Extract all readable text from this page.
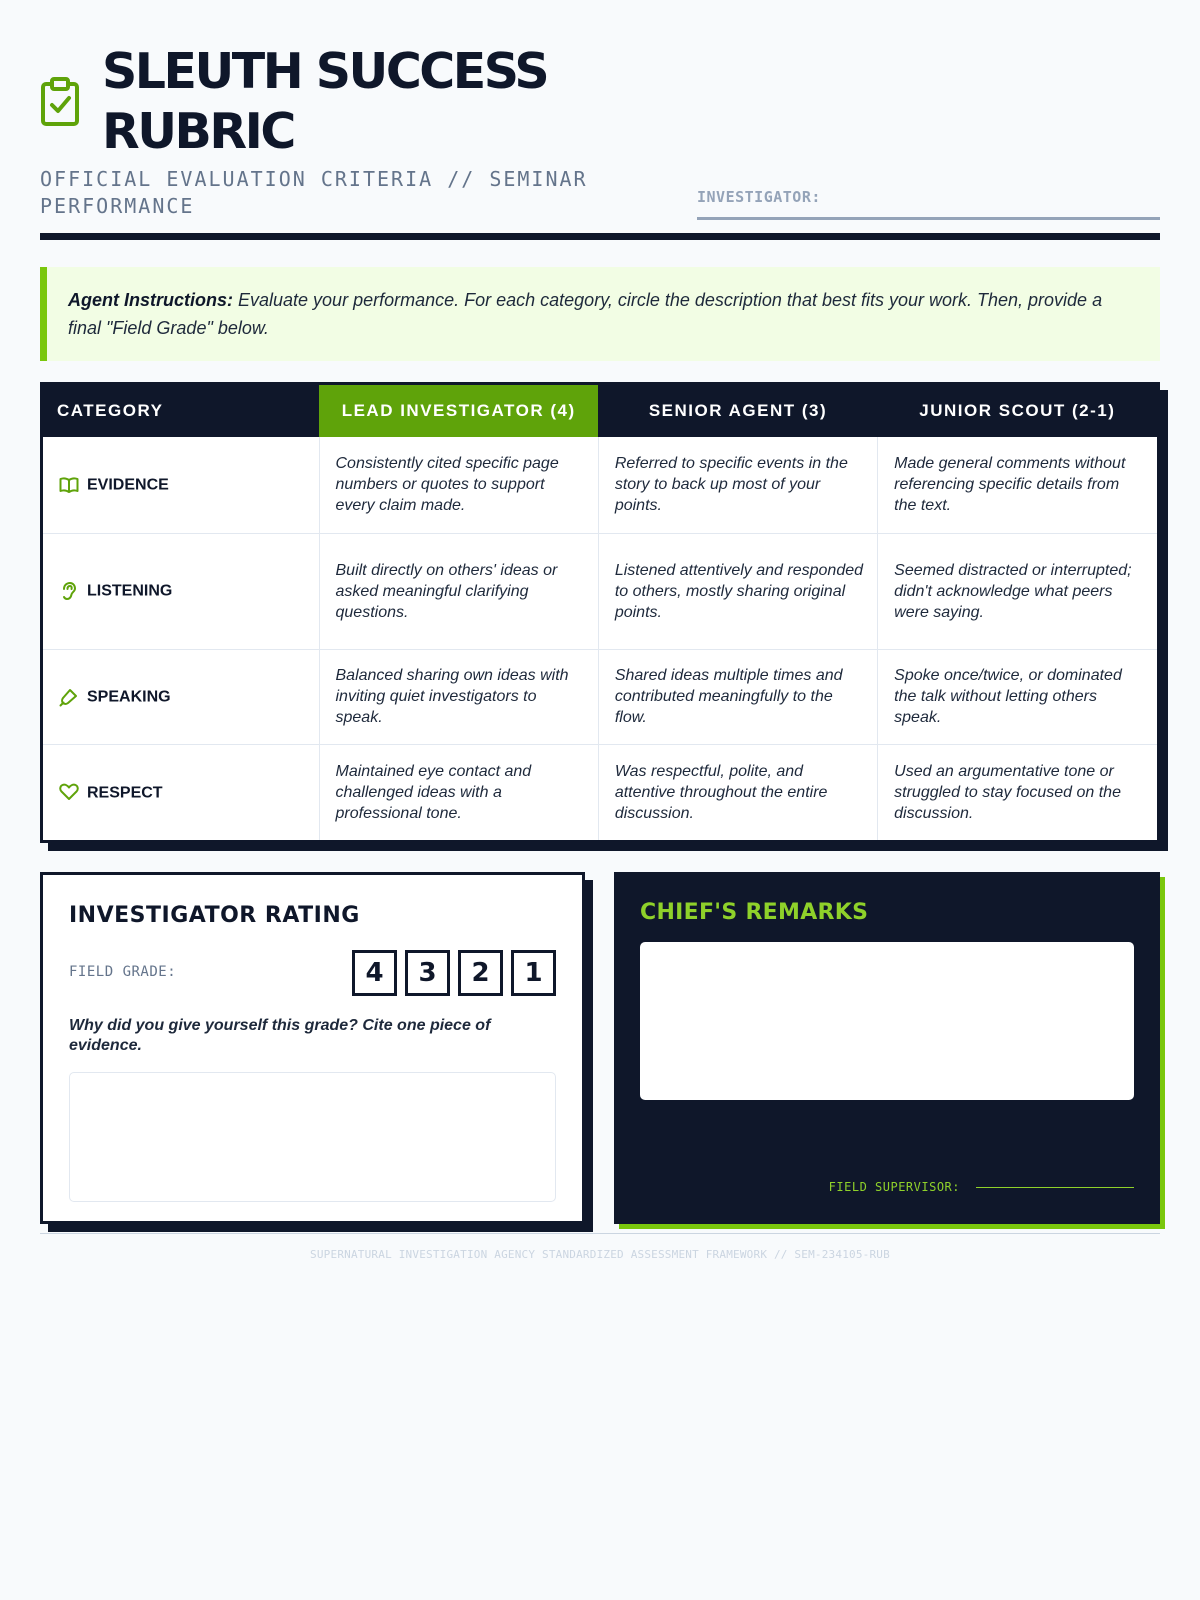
SLEUTH SUCCESS RUBRIC
OFFICIAL EVALUATION CRITERIA // SEMINAR PERFORMANCE	INVESTIGATOR:
Agent Instructions: Evaluate your performance. For each category, circle the description that best fits your work. Then, provide a final "Field Grade" below.
CATEGORY	LEAD INVESTIGATOR (4)	SENIOR AGENT (3)	JUNIOR SCOUT (2-1)
EVIDENCE	Consistently cited specific page numbers or quotes to support every claim made.	Referred to specific events in the story to back up most of your points.	Made general comments without referencing specific details from the text.
LISTENING	Built directly on others' ideas or asked meaningful clarifying questions.	Listened attentively and responded to others, mostly sharing original points.	Seemed distracted or interrupted; didn't acknowledge what peers were saying.
SPEAKING	Balanced sharing own ideas with inviting quiet investigators to speak.	Shared ideas multiple times and contributed meaningfully to the flow.	Spoke once/twice, or dominated the talk without letting others speak.
RESPECT	Maintained eye contact and challenged ideas with a professional tone.	Was respectful, polite, and attentive throughout the entire discussion.	Used an argumentative tone or struggled to stay focused on the discussion.
INVESTIGATOR RATING
FIELD GRADE:	4	3	2	1
Why did you give yourself this grade? Cite one piece of evidence.
CHIEF'S REMARKS
FIELD SUPERVISOR:
SUPERNATURAL INVESTIGATION AGENCY STANDARDIZED ASSESSMENT FRAMEWORK // SEM-234105-RUB
